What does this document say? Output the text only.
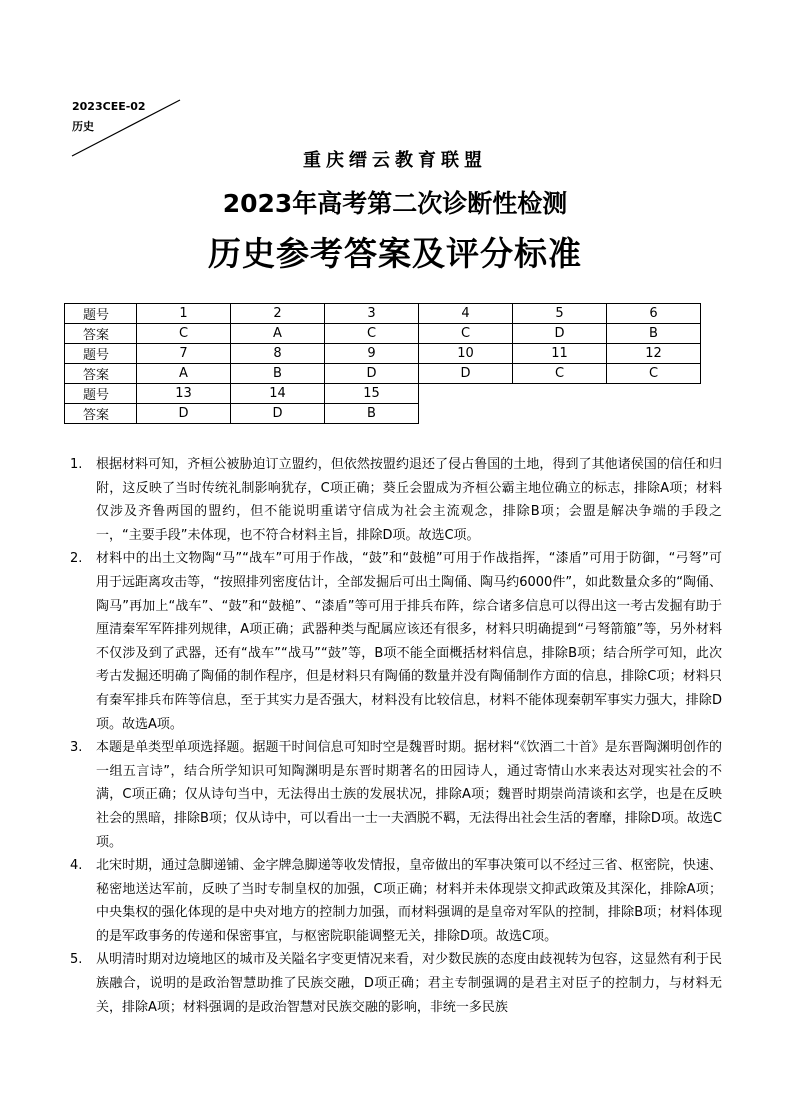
2023CEE-02
历史
重庆缙云教育联盟
2023年高考第二次诊断性检测
历史参考答案及评分标准
题号	1	2	3	4	5	6
答案	C	A	C	C	D	B
题号	7	8	9	10	11	12
答案	A	B	D	D	C	C
题号	13	14	15			
答案	D	D	B			
1. 根据材料可知，齐桓公被胁迫订立盟约，但依然按盟约退还了侵占鲁国的土地，得到了其他诸侯国的信任和归附，这反映了当时传统礼制影响犹存，C项正确；葵丘会盟成为齐桓公霸主地位确立的标志，排除A项；材料仅涉及齐鲁两国的盟约，但不能说明重诺守信成为社会主流观念，排除B项；会盟是解决争端的手段之一，“主要手段”未体现，也不符合材料主旨，排除D项。故选C项。
2. 材料中的出土文物陶“马”“战车”可用于作战，“鼓”和“鼓槌”可用于作战指挥，“漆盾”可用于防御，“弓弩”可用于远距离攻击等，“按照排列密度估计，全部发掘后可出土陶俑、陶马约6000件”，如此数量众多的“陶俑、陶马”再加上“战车”、“鼓”和“鼓槌”、“漆盾”等可用于排兵布阵，综合诸多信息可以得出这一考古发掘有助于厘清秦军军阵排列规律，A项正确；武器种类与配属应该还有很多，材料只明确提到“弓弩箭箙”等，另外材料不仅涉及到了武器，还有“战车”“战马”“鼓”等，B项不能全面概括材料信息，排除B项；结合所学可知，此次考古发掘还明确了陶俑的制作程序，但是材料只有陶俑的数量并没有陶俑制作方面的信息，排除C项；材料只有秦军排兵布阵等信息，至于其实力是否强大，材料没有比较信息，材料不能体现秦朝军事实力强大，排除D项。故选A项。
3. 本题是单类型单项选择题。据题干时间信息可知时空是魏晋时期。据材料“《饮酒二十首》是东晋陶渊明创作的一组五言诗”，结合所学知识可知陶渊明是东晋时期著名的田园诗人，通过寄情山水来表达对现实社会的不满，C项正确；仅从诗句当中，无法得出士族的发展状况，排除A项；魏晋时期崇尚清谈和玄学，也是在反映社会的黑暗，排除B项；仅从诗中，可以看出一士一夫酒脱不羁，无法得出社会生活的奢靡，排除D项。故选C项。
4. 北宋时期，通过急脚递铺、金字牌急脚递等收发情报，皇帝做出的军事决策可以不经过三省、枢密院，快速、秘密地送达军前，反映了当时专制皇权的加强，C项正确；材料并未体现崇文抑武政策及其深化，排除A项；中央集权的强化体现的是中央对地方的控制力加强，而材料强调的是皇帝对军队的控制，排除B项；材料体现的是军政事务的传递和保密事宜，与枢密院职能调整无关，排除D项。故选C项。
5. 从明清时期对边境地区的城市及关隘名字变更情况来看，对少数民族的态度由歧视转为包容，这显然有利于民族融合，说明的是政治智慧助推了民族交融，D项正确；君主专制强调的是君主对臣子的控制力，与材料无关，排除A项；材料强调的是政治智慧对民族交融的影响，非统一多民族
